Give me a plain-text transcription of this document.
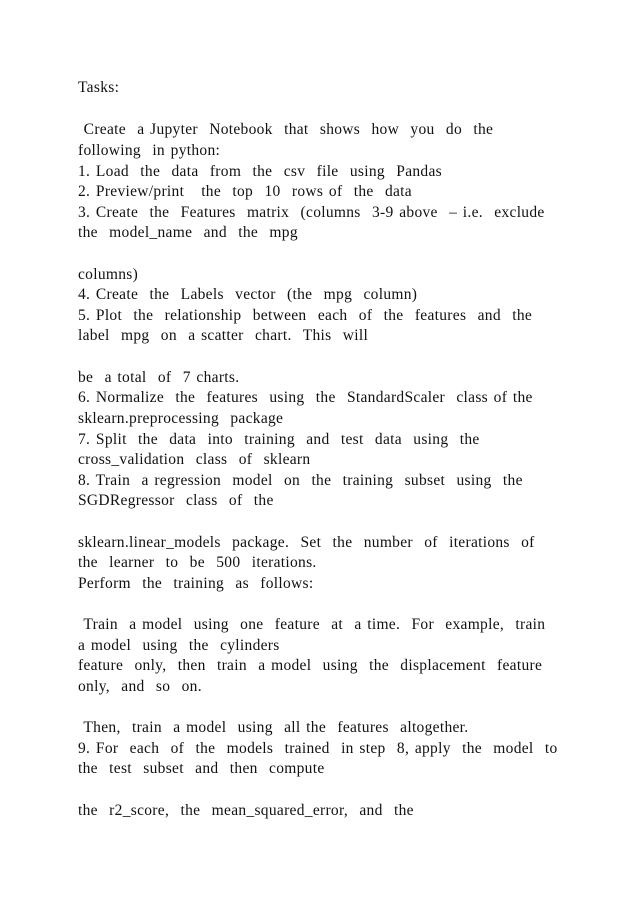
Tasks:
Create  a Jupyter  Notebook  that  shows  how  you  do  the
following  in python:
1. Load  the  data  from  the  csv  file  using  Pandas
2. Preview/print   the  top  10  rows of  the  data
3. Create  the  Features  matrix  (columns  3-9 above  – i.e.  exclude
the  model_name  and  the  mpg
columns)
4. Create  the  Labels  vector  (the  mpg  column)
5. Plot  the  relationship  between  each  of  the  features  and  the
label  mpg  on  a scatter  chart.  This  will
be  a total  of  7 charts.
6. Normalize  the  features  using  the  StandardScaler  class of the
sklearn.preprocessing  package
7. Split  the  data  into  training  and  test  data  using  the
cross_validation  class  of  sklearn
8. Train  a regression  model  on  the  training  subset  using  the
SGDRegressor  class  of  the
sklearn.linear_models  package.  Set  the  number  of  iterations  of
the  learner  to  be  500  iterations.
Perform  the  training  as  follows:
Train  a model  using  one  feature  at  a time.  For  example,  train
a model  using  the  cylinders
feature  only,  then  train  a model  using  the  displacement  feature
only,  and  so  on.
Then,  train  a model  using  all the  features  altogether.
9. For  each  of  the  models  trained  in step  8, apply  the  model  to
the  test  subset  and  then  compute
the  r2_score,  the  mean_squared_error,  and  the
